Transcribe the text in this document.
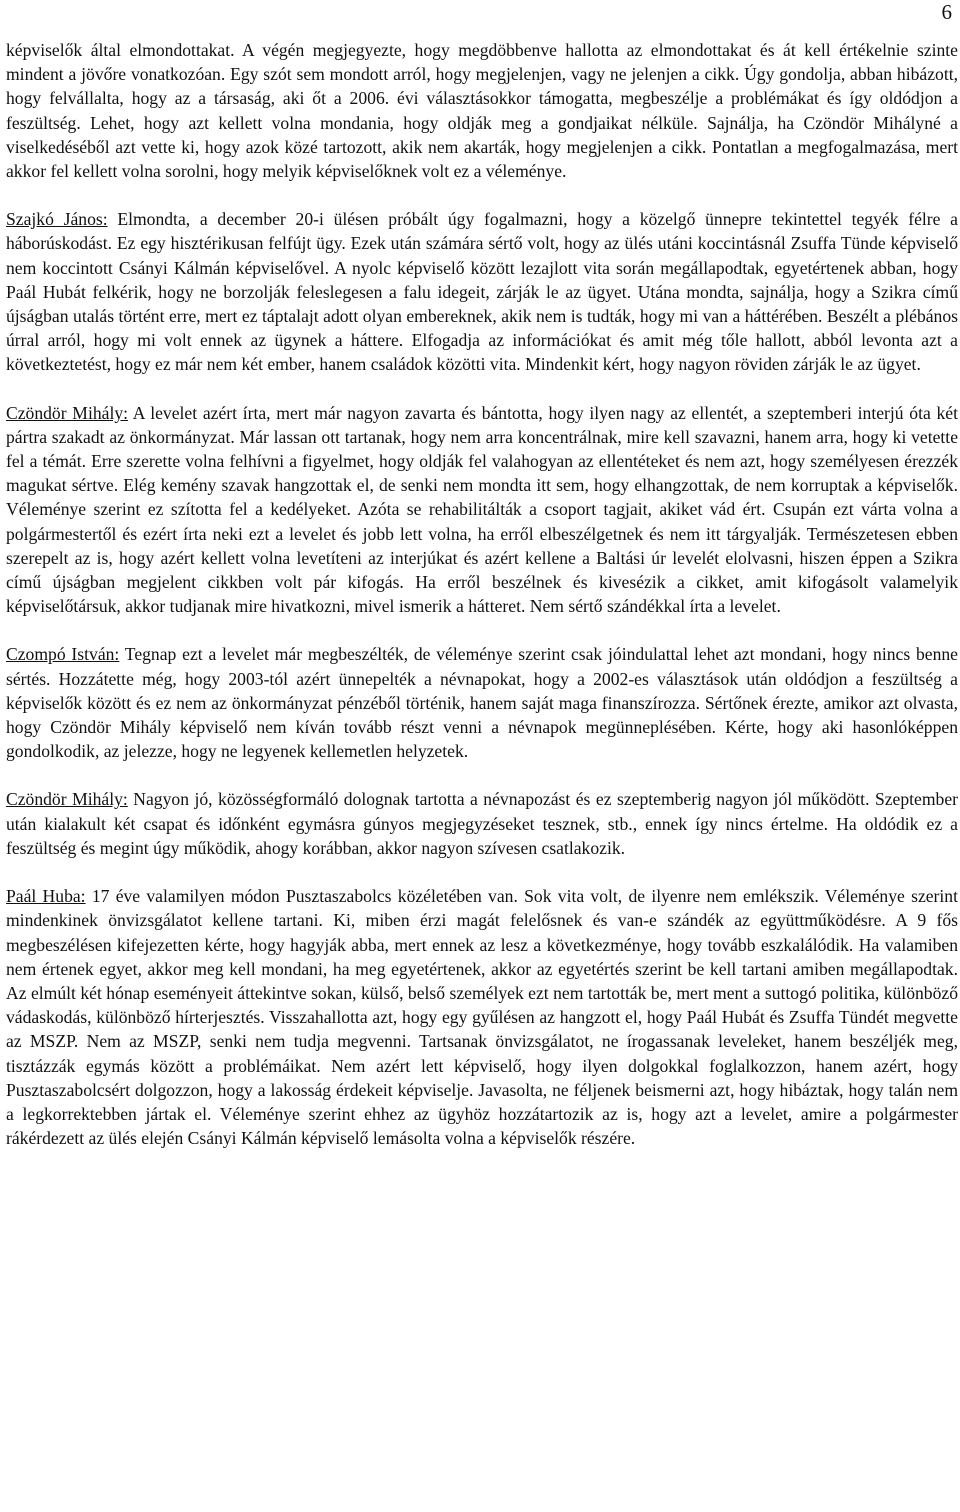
6

képviselők által elmondottakat. A végén megjegyezte, hogy megdöbbenve hallotta az elmondottakat és át kell értékelnie szinte mindent a jövőre vonatkozóan. Egy szót sem mondott arról, hogy megjelenjen, vagy ne jelenjen a cikk. Úgy gondolja, abban hibázott, hogy felvállalta, hogy az a társaság, aki őt a 2006. évi választásokkor támogatta, megbeszélje a problémákat és így oldódjon a feszültség. Lehet, hogy azt kellett volna mondania, hogy oldják meg a gondjaikat nélküle. Sajnálja, ha Czöndör Mihályné a viselkedéséből azt vette ki, hogy azok közé tartozott, akik nem akarták, hogy megjelenjen a cikk. Pontatlan a megfogalmazása, mert akkor fel kellett volna sorolni, hogy melyik képviselőknek volt ez a véleménye.

Szajkó János: Elmondta, a december 20-i ülésen próbált úgy fogalmazni, hogy a közelgő ünnepre tekintettel tegyék félre a háborúskodást. Ez egy hisztérikusan felfújt ügy. Ezek után számára sértő volt, hogy az ülés utáni koccintásnál Zsuffa Tünde képviselő nem koccintott Csányi Kálmán képviselővel. A nyolc képviselő között lezajlott vita során megállapodtak, egyetértenek abban, hogy Paál Hubát felkérik, hogy ne borzolják feleslegesen a falu idegeit, zárják le az ügyet. Utána mondta, sajnálja, hogy a Szikra című újságban utalás történt erre, mert ez táptalajt adott olyan embereknek, akik nem is tudták, hogy mi van a háttérében. Beszélt a plébános úrral arról, hogy mi volt ennek az ügynek a háttere. Elfogadja az információkat és amit még tőle hallott, abból levonta azt a következtetést, hogy ez már nem két ember, hanem családok közötti vita. Mindenkit kért, hogy nagyon röviden zárják le az ügyet.

Czöndör Mihály: A levelet azért írta, mert már nagyon zavarta és bántotta, hogy ilyen nagy az ellentét, a szeptemberi interjú óta két pártra szakadt az önkormányzat. Már lassan ott tartanak, hogy nem arra koncentrálnak, mire kell szavazni, hanem arra, hogy ki vetette fel a témát. Erre szerette volna felhívni a figyelmet, hogy oldják fel valahogyan az ellentéteket és nem azt, hogy személyesen érezzék magukat sértve. Elég kemény szavak hangzottak el, de senki nem mondta itt sem, hogy elhangzottak, de nem korruptak a képviselők. Véleménye szerint ez szította fel a kedélyeket. Azóta se rehabilitálták a csoport tagjait, akiket vád ért. Csupán ezt várta volna a polgármestertől és ezért írta neki ezt a levelet és jobb lett volna, ha erről elbeszélgetnek és nem itt tárgyalják. Természetesen ebben szerepelt az is, hogy azért kellett volna levetíteni az interjúkat és azért kellene a Baltási úr levelét elolvasni, hiszen éppen a Szikra című újságban megjelent cikkben volt pár kifogás. Ha erről beszélnek és kivesézik a cikket, amit kifogásolt valamelyik képviselőtársuk, akkor tudjanak mire hivatkozni, mivel ismerik a hátteret. Nem sértő szándékkal írta a levelet.

Czompó István: Tegnap ezt a levelet már megbeszélték, de véleménye szerint csak jóindulattal lehet azt mondani, hogy nincs benne sértés. Hozzátette még, hogy 2003-tól azért ünnepelték a névnapokat, hogy a 2002-es választások után oldódjon a feszültség a képviselők között és ez nem az önkormányzat pénzéből történik, hanem saját maga finanszírozza. Sértőnek érezte, amikor azt olvasta, hogy Czöndör Mihály képviselő nem kíván tovább részt venni a névnapok megünneplésében. Kérte, hogy aki hasonlóképpen gondolkodik, az jelezze, hogy ne legyenek kellemetlen helyzetek.

Czöndör Mihály: Nagyon jó, közösségformáló dolognak tartotta a névnapozást és ez szeptemberig nagyon jól működött. Szeptember után kialakult két csapat és időnként egymásra gúnyos megjegyzéseket tesznek, stb., ennek így nincs értelme. Ha oldódik ez a feszültség és megint úgy működik, ahogy korábban, akkor nagyon szívesen csatlakozik.

Paál Huba: 17 éve valamilyen módon Pusztaszabolcs közéletében van. Sok vita volt, de ilyenre nem emlékszik. Véleménye szerint mindenkinek önvizsgálatot kellene tartani. Ki, miben érzi magát felelősnek és van-e szándék az együttműködésre. A 9 fős megbeszélésen kifejezetten kérte, hogy hagyják abba, mert ennek az lesz a következménye, hogy tovább eszkalálódik. Ha valamiben nem értenek egyet, akkor meg kell mondani, ha meg egyetértenek, akkor az egyetértés szerint be kell tartani amiben megállapodtak. Az elmúlt két hónap eseményeit áttekintve sokan, külső, belső személyek ezt nem tartották be, mert ment a suttogó politika, különböző vádaskodás, különböző hírterjesztés. Visszahallotta azt, hogy egy gyűlésen az hangzott el, hogy Paál Hubát és Zsuffa Tündét megvette az MSZP. Nem az MSZP, senki nem tudja megvenni. Tartsanak önvizsgálatot, ne írogassanak leveleket, hanem beszéljék meg, tisztázzák egymás között a problémáikat. Nem azért lett képviselő, hogy ilyen dolgokkal foglalkozzon, hanem azért, hogy Pusztaszabolcsért dolgozzon, hogy a lakosság érdekeit képviselje. Javasolta, ne féljenek beismerni azt, hogy hibáztak, hogy talán nem a legkorrektebben jártak el. Véleménye szerint ehhez az ügyhöz hozzátartozik az is, hogy azt a levelet, amire a polgármester rákérdezett az ülés elején Csányi Kálmán képviselő lemásolta volna a képviselők részére.
